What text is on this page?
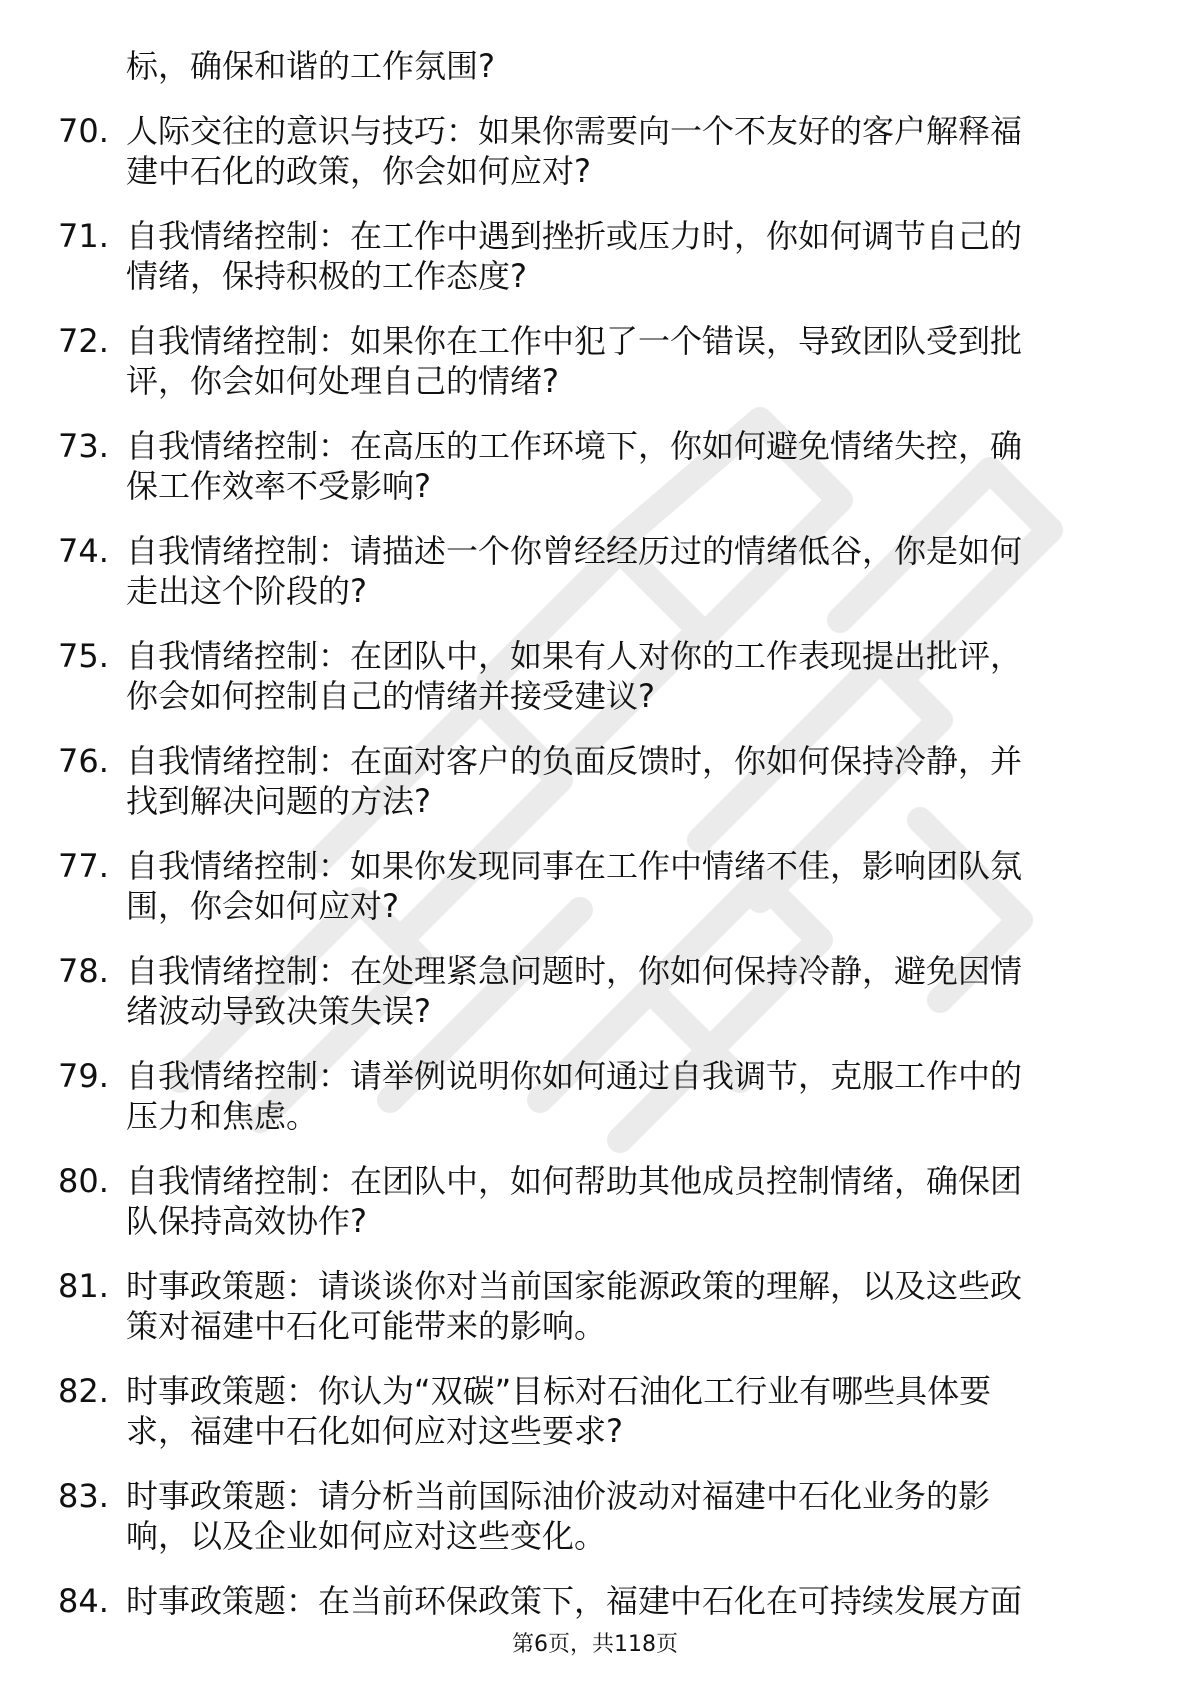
标，确保和谐的工作氛围?
70. 人际交往的意识与技巧：如果你需要向一个不友好的客户解释福
建中石化的政策，你会如何应对?
71. 自我情绪控制：在工作中遇到挫折或压力时，你如何调节自己的
情绪，保持积极的工作态度?
72. 自我情绪控制：如果你在工作中犯了一个错误，导致团队受到批
评，你会如何处理自己的情绪?
73. 自我情绪控制：在高压的工作环境下，你如何避免情绪失控，确
保工作效率不受影响?
74. 自我情绪控制：请描述一个你曾经经历过的情绪低谷，你是如何
走出这个阶段的?
75. 自我情绪控制：在团队中，如果有人对你的工作表现提出批评，
你会如何控制自己的情绪并接受建议?
76. 自我情绪控制：在面对客户的负面反馈时，你如何保持冷静，并
找到解决问题的方法?
77. 自我情绪控制：如果你发现同事在工作中情绪不佳，影响团队氛
围，你会如何应对?
78. 自我情绪控制：在处理紧急问题时，你如何保持冷静，避免因情
绪波动导致决策失误?
79. 自我情绪控制：请举例说明你如何通过自我调节，克服工作中的
压力和焦虑。
80. 自我情绪控制：在团队中，如何帮助其他成员控制情绪，确保团
队保持高效协作?
81. 时事政策题：请谈谈你对当前国家能源政策的理解，以及这些政
策对福建中石化可能带来的影响。
82. 时事政策题：你认为“双碳”目标对石油化工行业有哪些具体要
求，福建中石化如何应对这些要求?
83. 时事政策题：请分析当前国际油价波动对福建中石化业务的影
响，以及企业如何应对这些变化。
84. 时事政策题：在当前环保政策下，福建中石化在可持续发展方面
第6页，共118页
